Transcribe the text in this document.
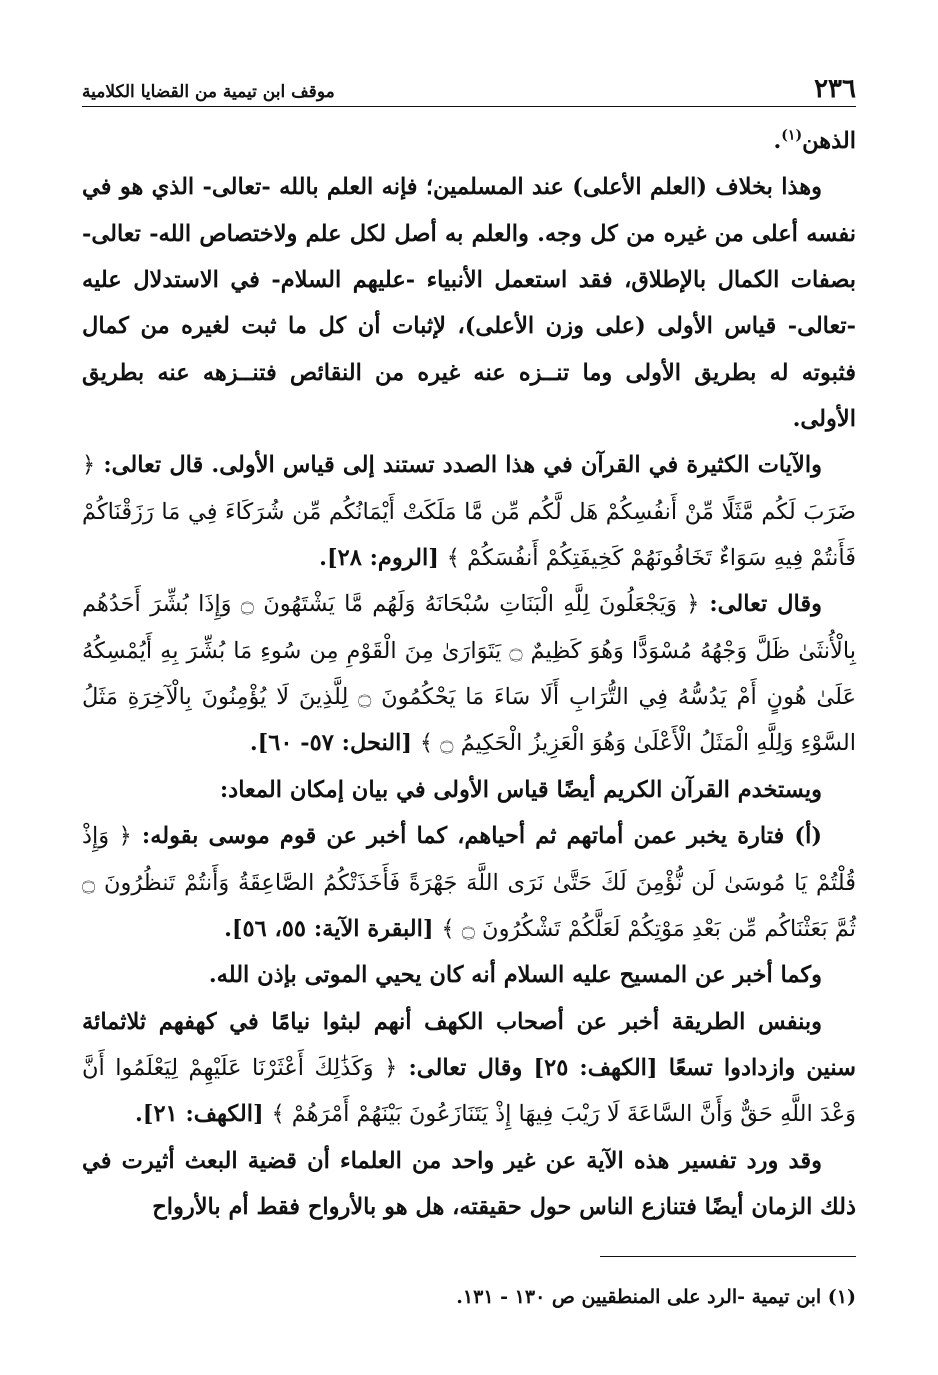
٢٣٦
موقف ابن تيمية من القضايا الكلامية

الذهن$^{(١)}$.

وهذا بخلاف (العلم الأعلى) عند المسلمين؛ فإنه العلم بالله -تعالى- الذي هو في نفسه أعلى من غيره من كل وجه. والعلم به أصل لكل علم ولاختصاص الله- تعالى- بصفات الكمال بالإطلاق، فقد استعمل الأنبياء -عليهم السلام- في الاستدلال عليه -تعالى- قياس الأولى (على وزن الأعلى)، لإثبات أن كل ما ثبت لغيره من كمال فثبوته له بطريق الأولى وما تنــزه عنه غيره من النقائص فتنــزهه عنه بطريق الأولى.

والآيات الكثيرة في القرآن في هذا الصدد تستند إلى قياس الأولى. قال تعالى: ﴿ ضَرَبَ لَكُم مَّثَلًا مِّنْ أَنفُسِكُمْ هَل لَّكُم مِّن مَّا مَلَكَتْ أَيْمَانُكُم مِّن شُرَكَاءَ فِي مَا رَزَقْنَاكُمْ فَأَنتُمْ فِيهِ سَوَاءٌ تَخَافُونَهُمْ كَخِيفَتِكُمْ أَنفُسَكُمْ ﴾ [الروم: ٢٨].

وقال تعالى: ﴿ وَيَجْعَلُونَ لِلَّهِ الْبَنَاتِ سُبْحَانَهُ وَلَهُم مَّا يَشْتَهُونَ ۝ وَإِذَا بُشِّرَ أَحَدُهُم بِالْأُنثَىٰ ظَلَّ وَجْهُهُ مُسْوَدًّا وَهُوَ كَظِيمٌ ۝ يَتَوَارَىٰ مِنَ الْقَوْمِ مِن سُوءِ مَا بُشِّرَ بِهِ أَيُمْسِكُهُ عَلَىٰ هُونٍ أَمْ يَدُسُّهُ فِي التُّرَابِ أَلَا سَاءَ مَا يَحْكُمُونَ ۝ لِلَّذِينَ لَا يُؤْمِنُونَ بِالْآخِرَةِ مَثَلُ السَّوْءِ وَلِلَّهِ الْمَثَلُ الْأَعْلَىٰ وَهُوَ الْعَزِيزُ الْحَكِيمُ ۝ ﴾ [النحل: ٥٧- ٦٠].

ويستخدم القرآن الكريم أيضًا قياس الأولى في بيان إمكان المعاد:

(أ) فتارة يخبر عمن أماتهم ثم أحياهم، كما أخبر عن قوم موسى بقوله: ﴿ وَإِذْ قُلْتُمْ يَا مُوسَىٰ لَن نُّؤْمِنَ لَكَ حَتَّىٰ نَرَى اللَّهَ جَهْرَةً فَأَخَذَتْكُمُ الصَّاعِقَةُ وَأَنتُمْ تَنظُرُونَ ۝ ثُمَّ بَعَثْنَاكُم مِّن بَعْدِ مَوْتِكُمْ لَعَلَّكُمْ تَشْكُرُونَ ۝ ﴾ [البقرة الآية: ٥٥، ٥٦].

وكما أخبر عن المسيح عليه السلام أنه كان يحيي الموتى بإذن الله.

وبنفس الطريقة أخبر عن أصحاب الكهف أنهم لبثوا نيامًا في كهفهم ثلاثمائة سنين وازدادوا تسعًا [الكهف: ٢٥] وقال تعالى: ﴿ وَكَذَٰلِكَ أَعْثَرْنَا عَلَيْهِمْ لِيَعْلَمُوا أَنَّ وَعْدَ اللَّهِ حَقٌّ وَأَنَّ السَّاعَةَ لَا رَيْبَ فِيهَا إِذْ يَتَنَازَعُونَ بَيْنَهُمْ أَمْرَهُمْ ﴾ [الكهف: ٢١].

وقد ورد تفسير هذه الآية عن غير واحد من العلماء أن قضية البعث أثيرت في ذلك الزمان أيضًا فتنازع الناس حول حقيقته، هل هو بالأرواح فقط أم بالأرواح

(١) ابن تيمية -الرد على المنطقيين ص ١٣٠ - ١٣١.
